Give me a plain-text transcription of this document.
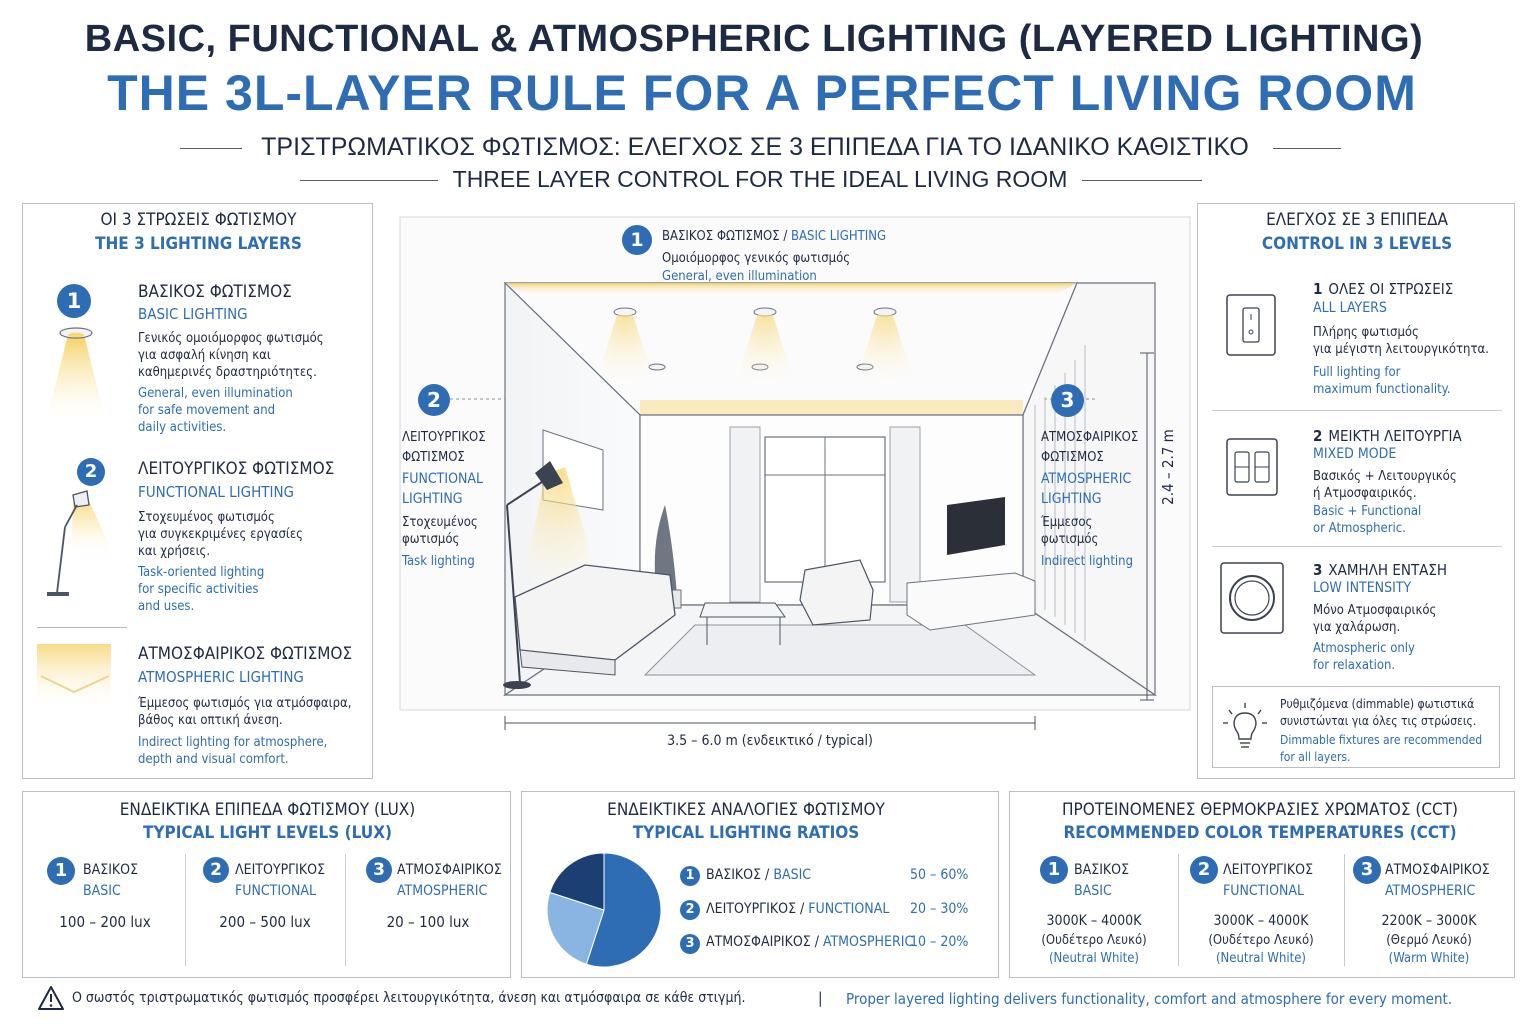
BASIC, FUNCTIONAL & ATMOSPHERIC LIGHTING (LAYERED LIGHTING)
THE 3L-LAYER RULE FOR A PERFECT LIVING ROOM
ΤΡΙΣΤΡΩΜΑΤΙΚΟΣ ΦΩΤΙΣΜΟΣ: ΕΛΕΓΧΟΣ ΣΕ 3 ΕΠΙΠΕΔΑ ΓΙΑ ΤΟ ΙΔΑΝΙΚΟ ΚΑΘΙΣΤΙΚΟ
THREE LAYER CONTROL FOR THE IDEAL LIVING ROOM
ΟΙ 3 ΣΤΡΩΣΕΙΣ ΦΩΤΙΣΜΟΥ
THE 3 LIGHTING LAYERS
1	ΒΑΣΙΚΟΣ ΦΩΤΙΣΜΟΣ
BASIC LIGHTING
Γενικός ομοιόμορφος φωτισμός
για ασφαλή κίνηση και
καθημερινές δραστηριότητες.
General, even illumination
for safe movement and
daily activities.
2	ΛΕΙΤΟΥΡΓΙΚΟΣ ΦΩΤΙΣΜΟΣ
FUNCTIONAL LIGHTING
Στοχευμένος φωτισμός
για συγκεκριμένες εργασίες
και χρήσεις.
Task-oriented lighting
for specific activities
and uses.
ΑΤΜΟΣΦΑΙΡΙΚΟΣ ΦΩΤΙΣΜΟΣ
ATMOSPHERIC LIGHTING
Έμμεσος φωτισμός για ατμόσφαιρα,
βάθος και οπτική άνεση.
Indirect lighting for atmosphere,
depth and visual comfort.
1	ΒΑΣΙΚΟΣ ΦΩΤΙΣΜΟΣ / BASIC LIGHTING
Ομοιόμορφος γενικός φωτισμός
General, even illumination
2
ΛΕΙΤΟΥΡΓΙΚΟΣ
ΦΩΤΙΣΜΟΣ
FUNCTIONAL
LIGHTING
Στοχευμένος
φωτισμός
Task lighting
3
ΑΤΜΟΣΦΑΙΡΙΚΟΣ
ΦΩΤΙΣΜΟΣ
ATMOSPHERIC
LIGHTING
Έμμεσος
φωτισμός
Indirect lighting
2.4 – 2.7 m
3.5 – 6.0 m (ενδεικτικό / typical)
ΕΛΕΓΧΟΣ ΣΕ 3 ΕΠΙΠΕΔΑ
CONTROL IN 3 LEVELS
1 ΟΛΕΣ ΟΙ ΣΤΡΩΣΕΙΣ
ALL LAYERS
Πλήρης φωτισμός
για μέγιστη λειτουργικότητα.
Full lighting for
maximum functionality.
2 ΜΕΙΚΤΗ ΛΕΙΤΟΥΡΓΙΑ
MIXED MODE
Βασικός + Λειτουργικός
ή Ατμοσφαιρικός.
Basic + Functional
or Atmospheric.
3 ΧΑΜΗΛΗ ΕΝΤΑΣΗ
LOW INTENSITY
Μόνο Ατμοσφαιρικός
για χαλάρωση.
Atmospheric only
for relaxation.
Ρυθμιζόμενα (dimmable) φωτιστικά
συνιστώνται για όλες τις στρώσεις.
Dimmable fixtures are recommended
for all layers.
ΕΝΔΕΙΚΤΙΚΑ ΕΠΙΠΕΔΑ ΦΩΤΙΣΜΟΥ (LUX)
TYPICAL LIGHT LEVELS (LUX)
1	ΒΑΣΙΚΟΣ
BASIC
100 – 200 lux
2 ΛΕΙΤΟΥΡΓΙΚΟΣ
FUNCTIONAL
200 – 500 lux
3 ΑΤΜΟΣΦΑΙΡΙΚΟΣ
ATMOSPHERIC
20 – 100 lux
ΕΝΔΕΙΚΤΙΚΕΣ ΑΝΑΛΟΓΙΕΣ ΦΩΤΙΣΜΟΥ
TYPICAL LIGHTING RATIOS
1 ΒΑΣΙΚΟΣ / BASIC	50 – 60%
2 ΛΕΙΤΟΥΡΓΙΚΟΣ / FUNCTIONAL 20 – 30%
3 ΑΤΜΟΣΦΑΙΡΙΚΟΣ / ATMOSPHERIC
10 – 20%
ΠΡΟΤΕΙΝΟΜΕΝΕΣ ΘΕΡΜΟΚΡΑΣΙΕΣ ΧΡΩΜΑΤΟΣ (CCT)
RECOMMENDED COLOR TEMPERATURES (CCT)
1 ΒΑΣΙΚΟΣ
BASIC
3000K – 4000K
(Ουδέτερο Λευκό)
(Neutral White)
2 ΛΕΙΤΟΥΡΓΙΚΟΣ
FUNCTIONAL
3000K – 4000K
(Ουδέτερο Λευκό)
(Neutral White)
3 ΑΤΜΟΣΦΑΙΡΙΚΟΣ
ATMOSPHERIC
2200K – 3000K
(Θερμό Λευκό)
(Warm White)
Ο σωστός τριστρωματικός φωτισμός προσφέρει λειτουργικότητα, άνεση και ατμόσφαιρα σε κάθε στιγμή.	| Proper layered lighting delivers functionality, comfort and atmosphere for every moment.
